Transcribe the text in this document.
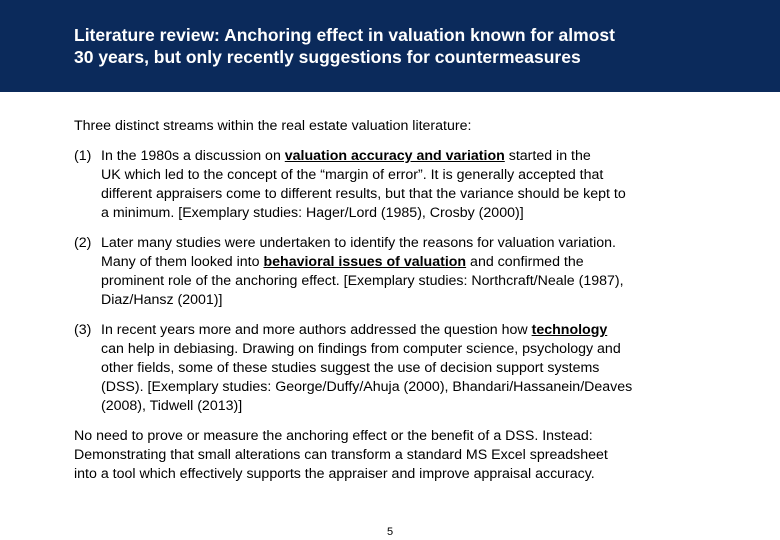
Literature review: Anchoring effect in valuation known for almost
30 years, but only recently suggestions for countermeasures

Three distinct streams within the real estate valuation literature:

(1) In the 1980s a discussion on valuation accuracy and variation started in the
UK which led to the concept of the “margin of error”. It is generally accepted that
different appraisers come to different results, but that the variance should be kept to
a minimum. [Exemplary studies: Hager/Lord (1985), Crosby (2000)]
(2) Later many studies were undertaken to identify the reasons for valuation variation.
Many of them looked into behavioral issues of valuation and confirmed the
prominent role of the anchoring effect. [Exemplary studies: Northcraft/Neale (1987),
Diaz/Hansz (2001)]
(3) In recent years more and more authors addressed the question how technology
can help in debiasing. Drawing on findings from computer science, psychology and
other fields, some of these studies suggest the use of decision support systems
(DSS). [Exemplary studies: George/Duffy/Ahuja (2000), Bhandari/Hassanein/Deaves
(2008), Tidwell (2013)]

No need to prove or measure the anchoring effect or the benefit of a DSS. Instead:
Demonstrating that small alterations can transform a standard MS Excel spreadsheet
into a tool which effectively supports the appraiser and improve appraisal accuracy.

5
